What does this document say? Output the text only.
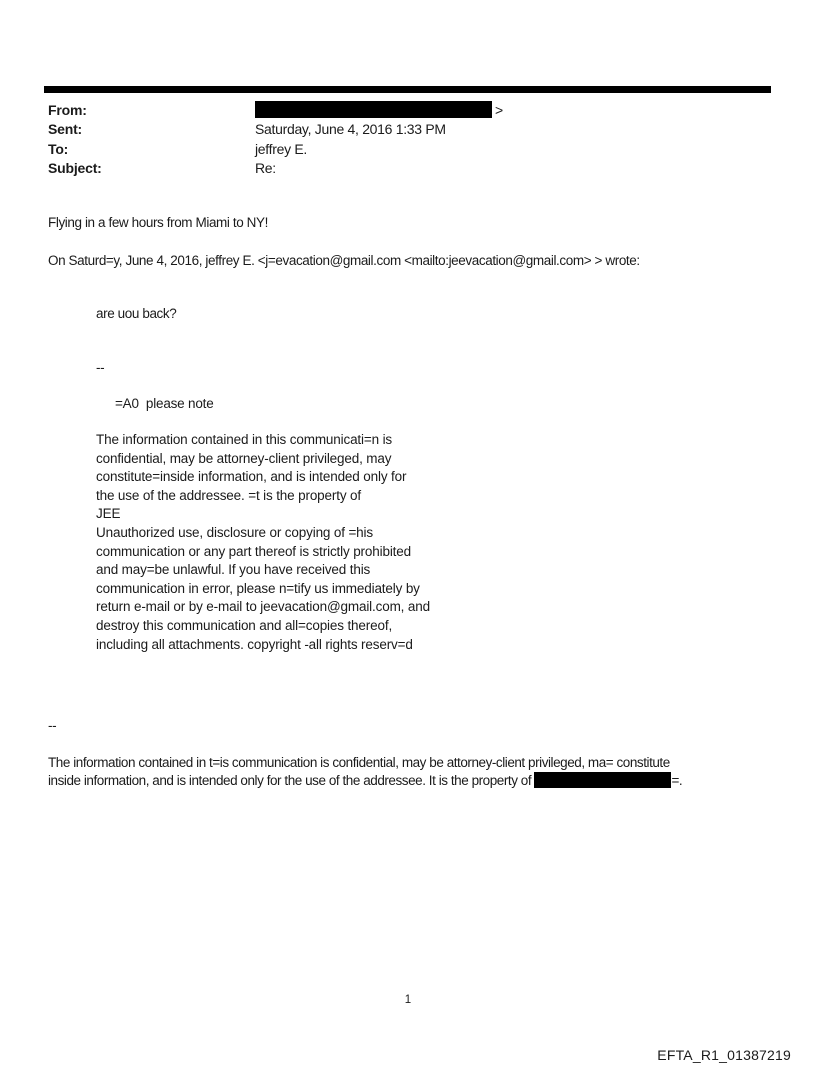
From:	>
Sent:	Saturday, June 4, 2016 1:33 PM
To:	jeffrey E.
Subject:	Re:
Flying in a few hours from Miami to NY!
On Saturd=y, June 4, 2016, jeffrey E. <j=evacation@gmail.com <mailto:jeevacation@gmail.com> > wrote:
are uou back?
--
=A0  please note
The information contained in this communicati=n is
confidential, may be attorney-client privileged, may
constitute=inside information, and is intended only for
the use of the addressee. =t is the property of
JEE
Unauthorized use, disclosure or copying of =his
communication or any part thereof is strictly prohibited
and may=be unlawful. If you have received this
communication in error, please n=tify us immediately by
return e-mail or by e-mail to jeevacation@gmail.com, and
destroy this communication and all=copies thereof,
including all attachments. copyright -all rights reserv=d
--
The information contained in t=is communication is confidential, may be attorney-client privileged, ma= constitute
inside information, and is intended only for the use of the addressee. It is the property of	=.
1
EFTA_R1_01387219
